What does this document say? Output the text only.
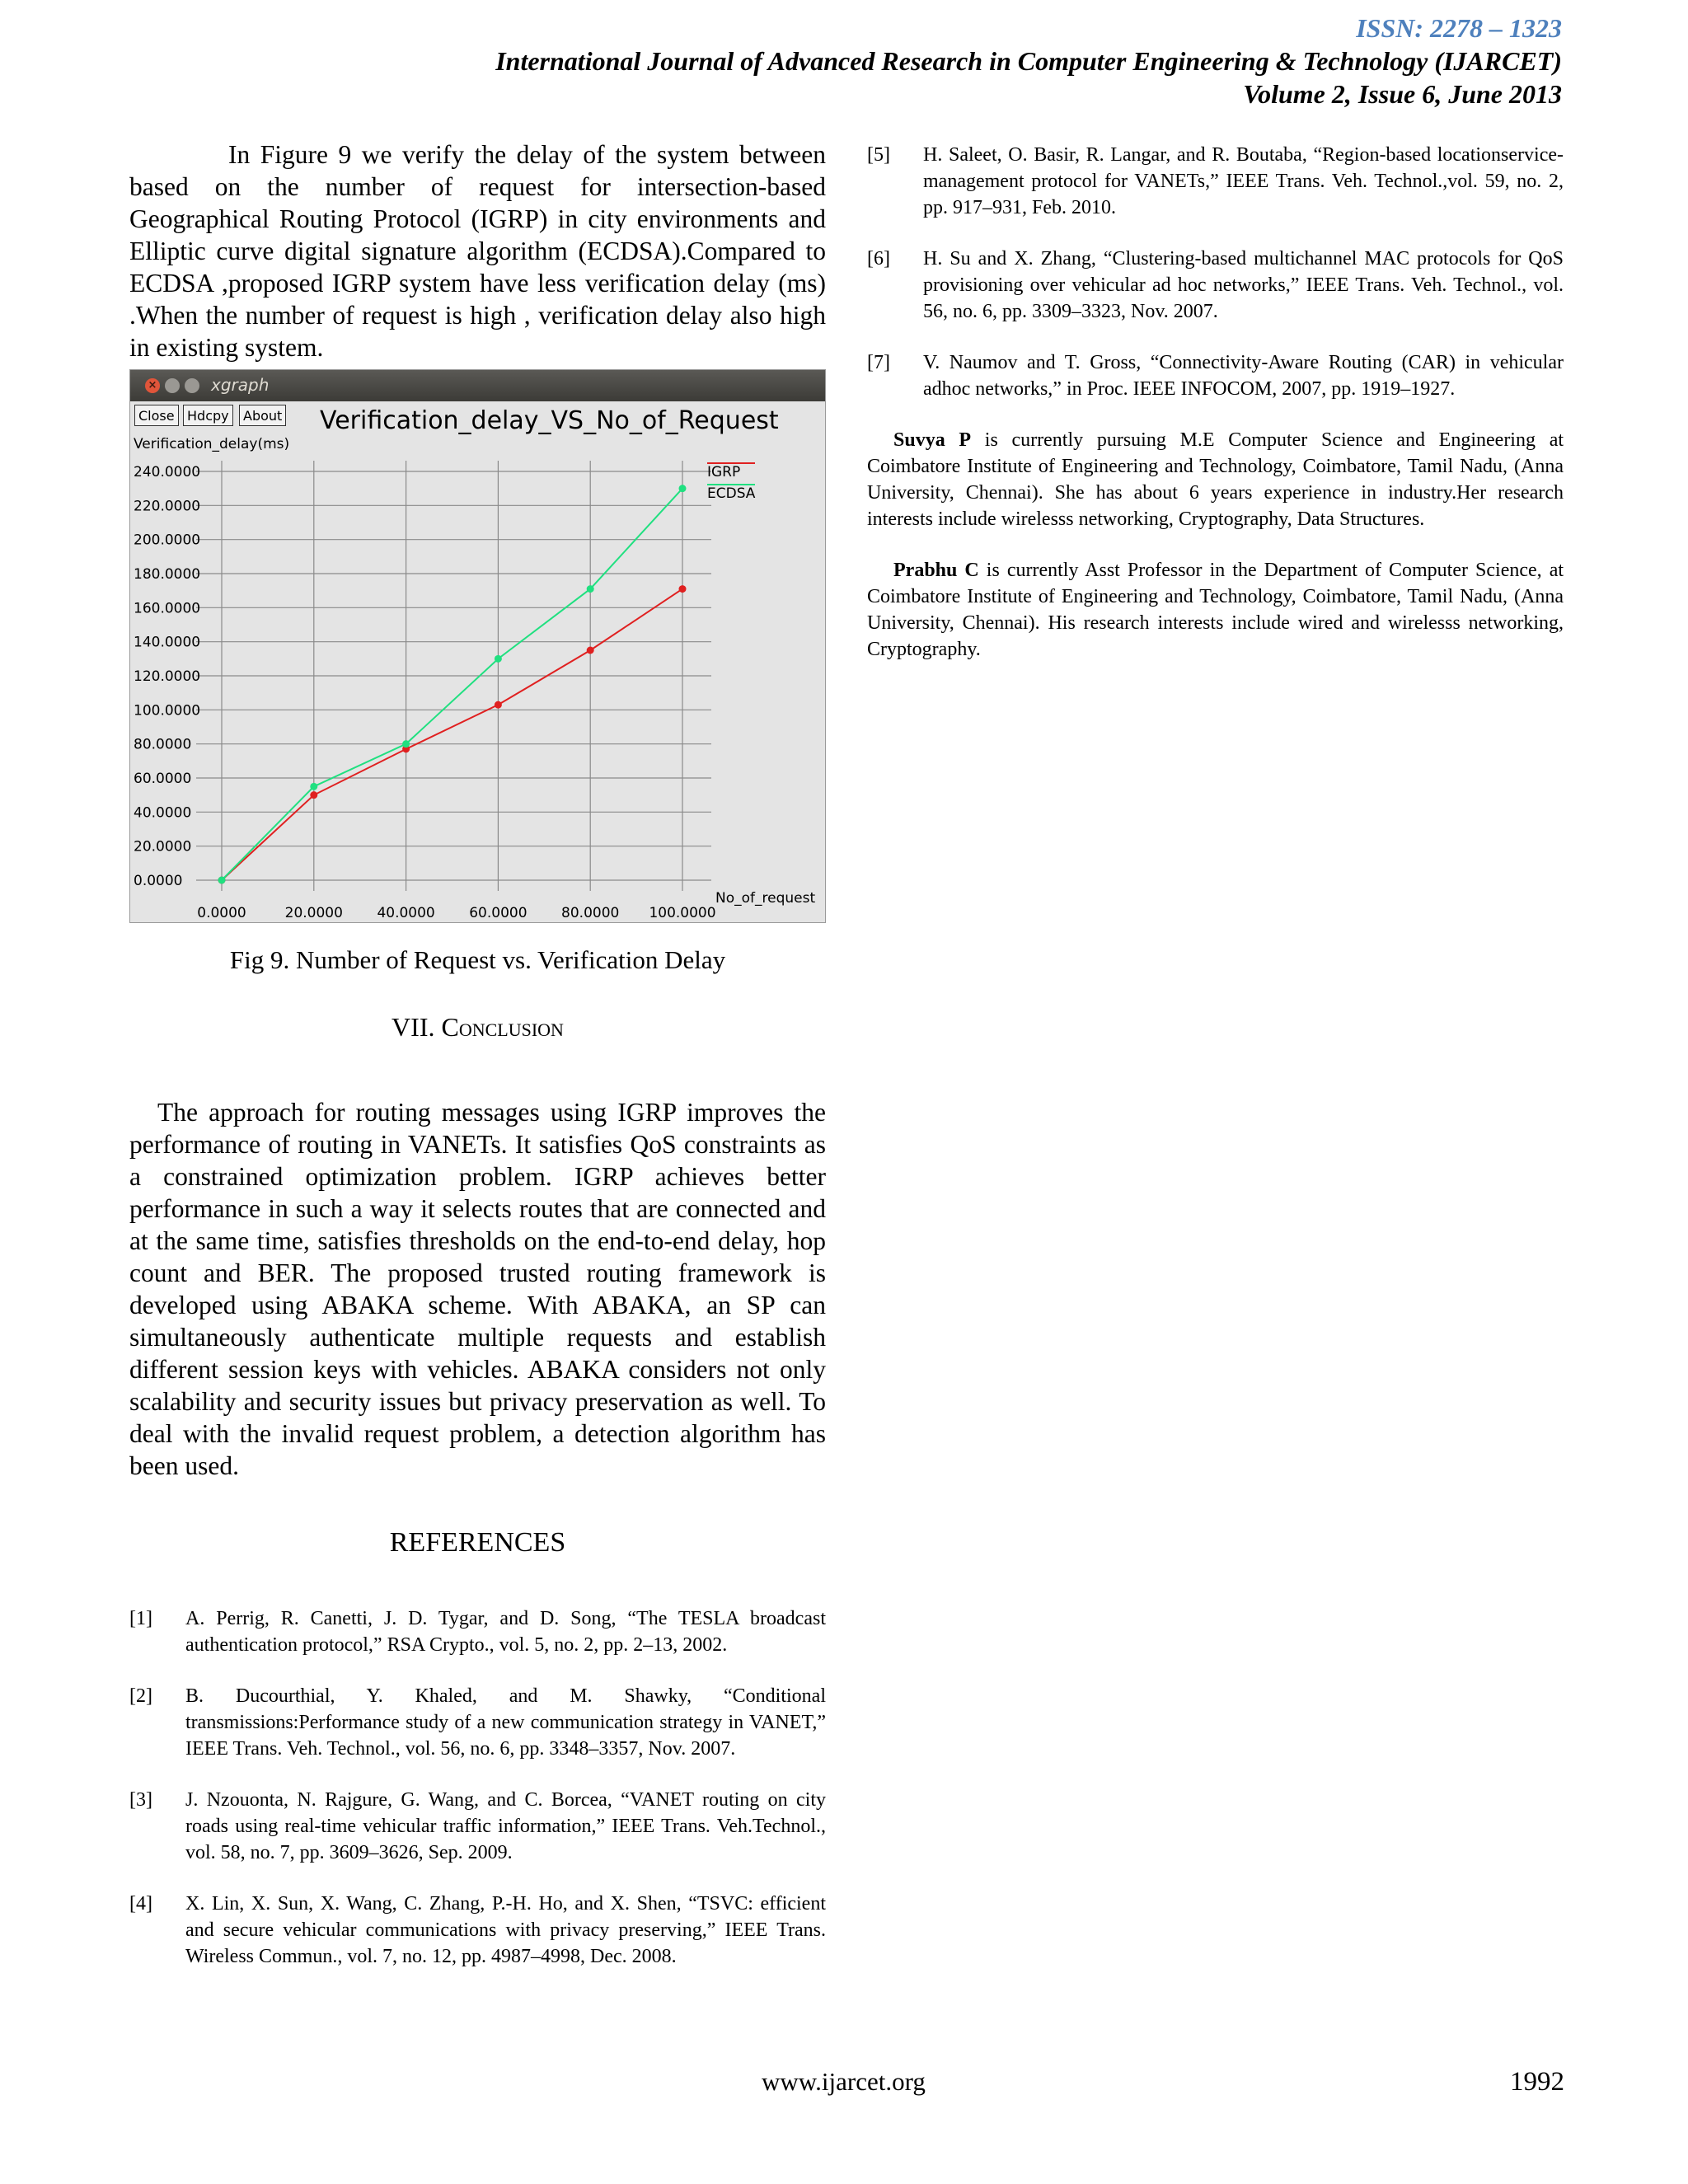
ISSN: 2278 – 1323
International Journal of Advanced Research in Computer Engineering & Technology (IJARCET)
Volume 2, Issue 6, June 2013

In Figure 9 we verify the delay of the system between based on the number of request for intersection-based Geographical Routing Protocol (IGRP) in city environments and Elliptic curve digital signature algorithm (ECDSA).Compared to ECDSA ,proposed IGRP system have less verification delay (ms) .When the number of request is high , verification delay also high in existing system.

×	xgraph
Close Hdcpy	About Verification_delay_VS_No_of_Request
Verification_delay(ms)
0.0000
20.0000
40.0000
60.0000
80.0000
100.0000
120.0000
140.0000
160.0000
180.0000
200.0000
220.0000
240.0000
0.0000	20.0000 40.0000 60.0000 80.0000 100.0000
No_of_request
IGRP
ECDSA
Fig 9. Number of Request vs. Verification Delay
VII. Conclusion

The approach for routing messages using IGRP improves the performance of routing in VANETs. It satisfies QoS constraints as a constrained optimization problem. IGRP achieves better performance in such a way it selects routes that are connected and at the same time, satisfies thresholds on the end-to-end delay, hop count and BER. The proposed trusted routing framework is developed using ABAKA scheme. With ABAKA, an SP can simultaneously authenticate multiple requests and establish different session keys with vehicles. ABAKA considers not only scalability and security issues but privacy preservation as well. To deal with the invalid request problem, a detection algorithm has been used.

REFERENCES
[1] A. Perrig, R. Canetti, J. D. Tygar, and D. Song, “The TESLA broadcast authentication protocol,” RSA Crypto., vol. 5, no. 2, pp. 2–13, 2002.
[2] B. Ducourthial, Y. Khaled, and M. Shawky, “Conditional transmissions:Performance study of a new communication strategy in VANET,” IEEE Trans. Veh. Technol., vol. 56, no. 6, pp. 3348–3357, Nov. 2007.
[3] J. Nzouonta, N. Rajgure, G. Wang, and C. Borcea, “VANET routing on city roads using real-time vehicular traffic information,” IEEE Trans. Veh.Technol., vol. 58, no. 7, pp. 3609–3626, Sep. 2009.
[4] X. Lin, X. Sun, X. Wang, C. Zhang, P.-H. Ho, and X. Shen, “TSVC: efficient and secure vehicular communications with privacy preserving,” IEEE Trans. Wireless Commun., vol. 7, no. 12, pp. 4987–4998, Dec. 2008.
[5] H. Saleet, O. Basir, R. Langar, and R. Boutaba, “Region-based locationservice-management protocol for VANETs,” IEEE Trans. Veh. Technol.,vol. 59, no. 2, pp. 917–931, Feb. 2010.
[6] H. Su and X. Zhang, “Clustering-based multichannel MAC protocols for QoS provisioning over vehicular ad hoc networks,” IEEE Trans. Veh. Technol., vol. 56, no. 6, pp. 3309–3323, Nov. 2007.
[7] V. Naumov and T. Gross, “Connectivity-Aware Routing (CAR) in vehicular adhoc networks,” in Proc. IEEE INFOCOM, 2007, pp. 1919–1927.

Suvya P is currently pursuing M.E Computer Science and Engineering at Coimbatore Institute of Engineering and Technology, Coimbatore, Tamil Nadu, (Anna University, Chennai). She has about 6 years experience in industry.Her research interests include wirelesss networking, Cryptography, Data Structures.

Prabhu C is currently Asst Professor in the Department of Computer Science, at Coimbatore Institute of Engineering and Technology, Coimbatore, Tamil Nadu, (Anna University, Chennai). His research interests include wired and wirelesss networking, Cryptography.

www.ijarcet.org	1992
